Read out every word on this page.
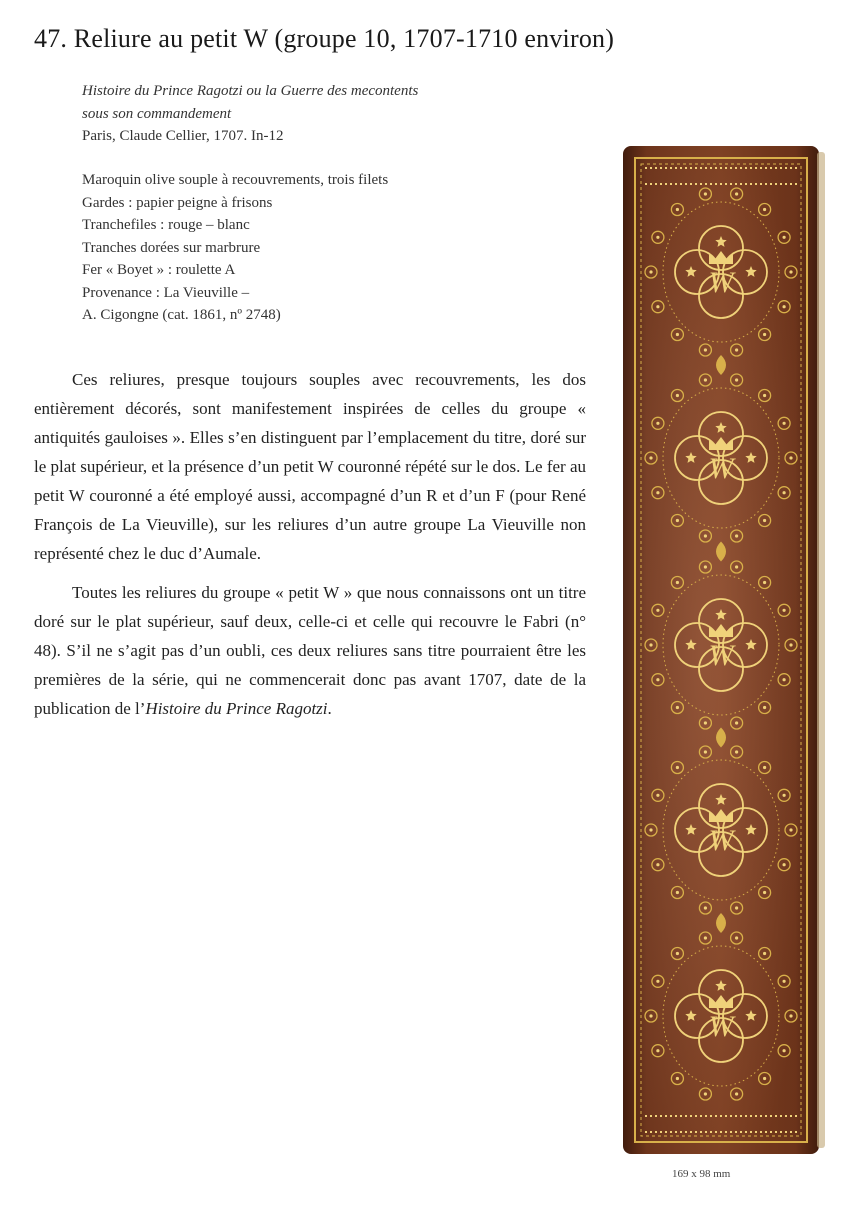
47. Reliure au petit W (groupe 10, 1707-1710 environ)
Histoire du Prince Ragotzi ou la Guerre des mecontents
sous son commandement
Paris, Claude Cellier, 1707. In-12
Maroquin olive souple à recouvrements, trois filets
Gardes : papier peigne à frisons
Tranchefiles : rouge – blanc
Tranches dorées sur marbrure
Fer « Boyet » : roulette A
Provenance : La Vieuville –
A. Cigongne (cat. 1861, nº 2748)

Ces reliures, presque toujours souples avec recouvrements, les dos entièrement décorés, sont manifestement inspirées de celles du groupe « antiquités gauloises ». Elles s’en distinguent par l’emplacement du titre, doré sur le plat supérieur, et la présence d’un petit W couronné répété sur le dos. Le fer au petit W couronné a été employé aussi, accompagné d’un R et d’un F (pour René François de La Vieuville), sur les reliures d’un autre groupe La Vieuville non représenté chez le duc d’Aumale.

Toutes les reliures du groupe « petit W » que nous connaissons ont un titre doré sur le plat supérieur, sauf deux, celle-ci et celle qui recouvre le Fabri (n° 48). S’il ne s’agit pas d’un oubli, ces deux reliures sans titre pourraient être les premières de la série, qui ne commencerait donc pas avant 1707, date de la publication de l’Histoire du Prince Ragotzi.

W
W
W
W
W
169 x 98 mm
